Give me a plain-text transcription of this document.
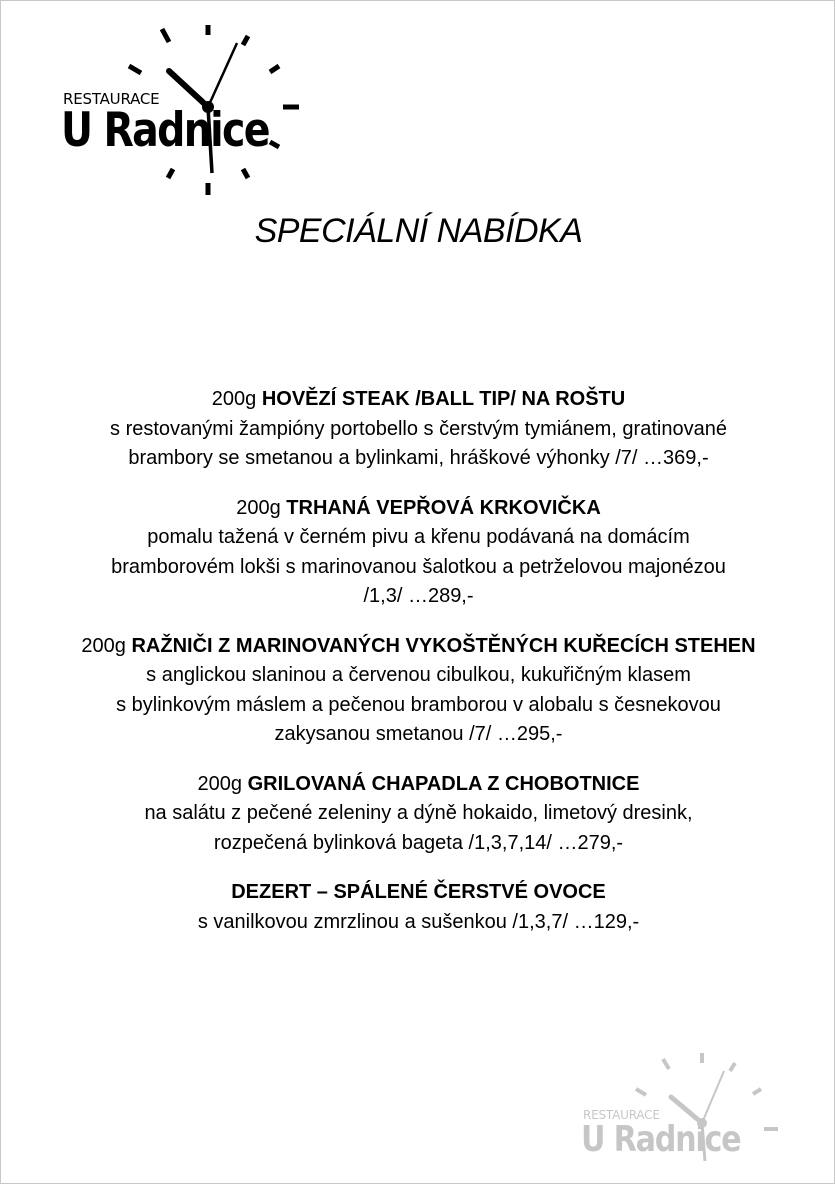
RESTAURACE
U Radnice
SPECIÁLNÍ NABÍDKA
200g HOVĚZÍ STEAK /BALL TIP/ NA ROŠTU
s restovanými žampióny portobello s čerstvým tymiánem, gratinované
brambory se smetanou a bylinkami, hráškové výhonky /7/ …369,-
200g TRHANÁ VEPŘOVÁ KRKOVIČKA
pomalu tažená v černém pivu a křenu podávaná na domácím
bramborovém lokši s marinovanou šalotkou a petrželovou majonézou
/1,3/ …289,-
200g RAŽNIČI Z MARINOVANÝCH VYKOŠTĚNÝCH KUŘECÍCH STEHEN
s anglickou slaninou a červenou cibulkou, kukuřičným klasem
s bylinkovým máslem a pečenou bramborou v alobalu s česnekovou
zakysanou smetanou /7/ …295,-
200g GRILOVANÁ CHAPADLA Z CHOBOTNICE
na salátu z pečené zeleniny a dýně hokaido, limetový dresink,
rozpečená bylinková bageta /1,3,7,14/ …279,-
DEZERT – SPÁLENÉ ČERSTVÉ OVOCE
s vanilkovou zmrzlinou a sušenkou /1,3,7/ …129,-
RESTAURACE
U Radnice
